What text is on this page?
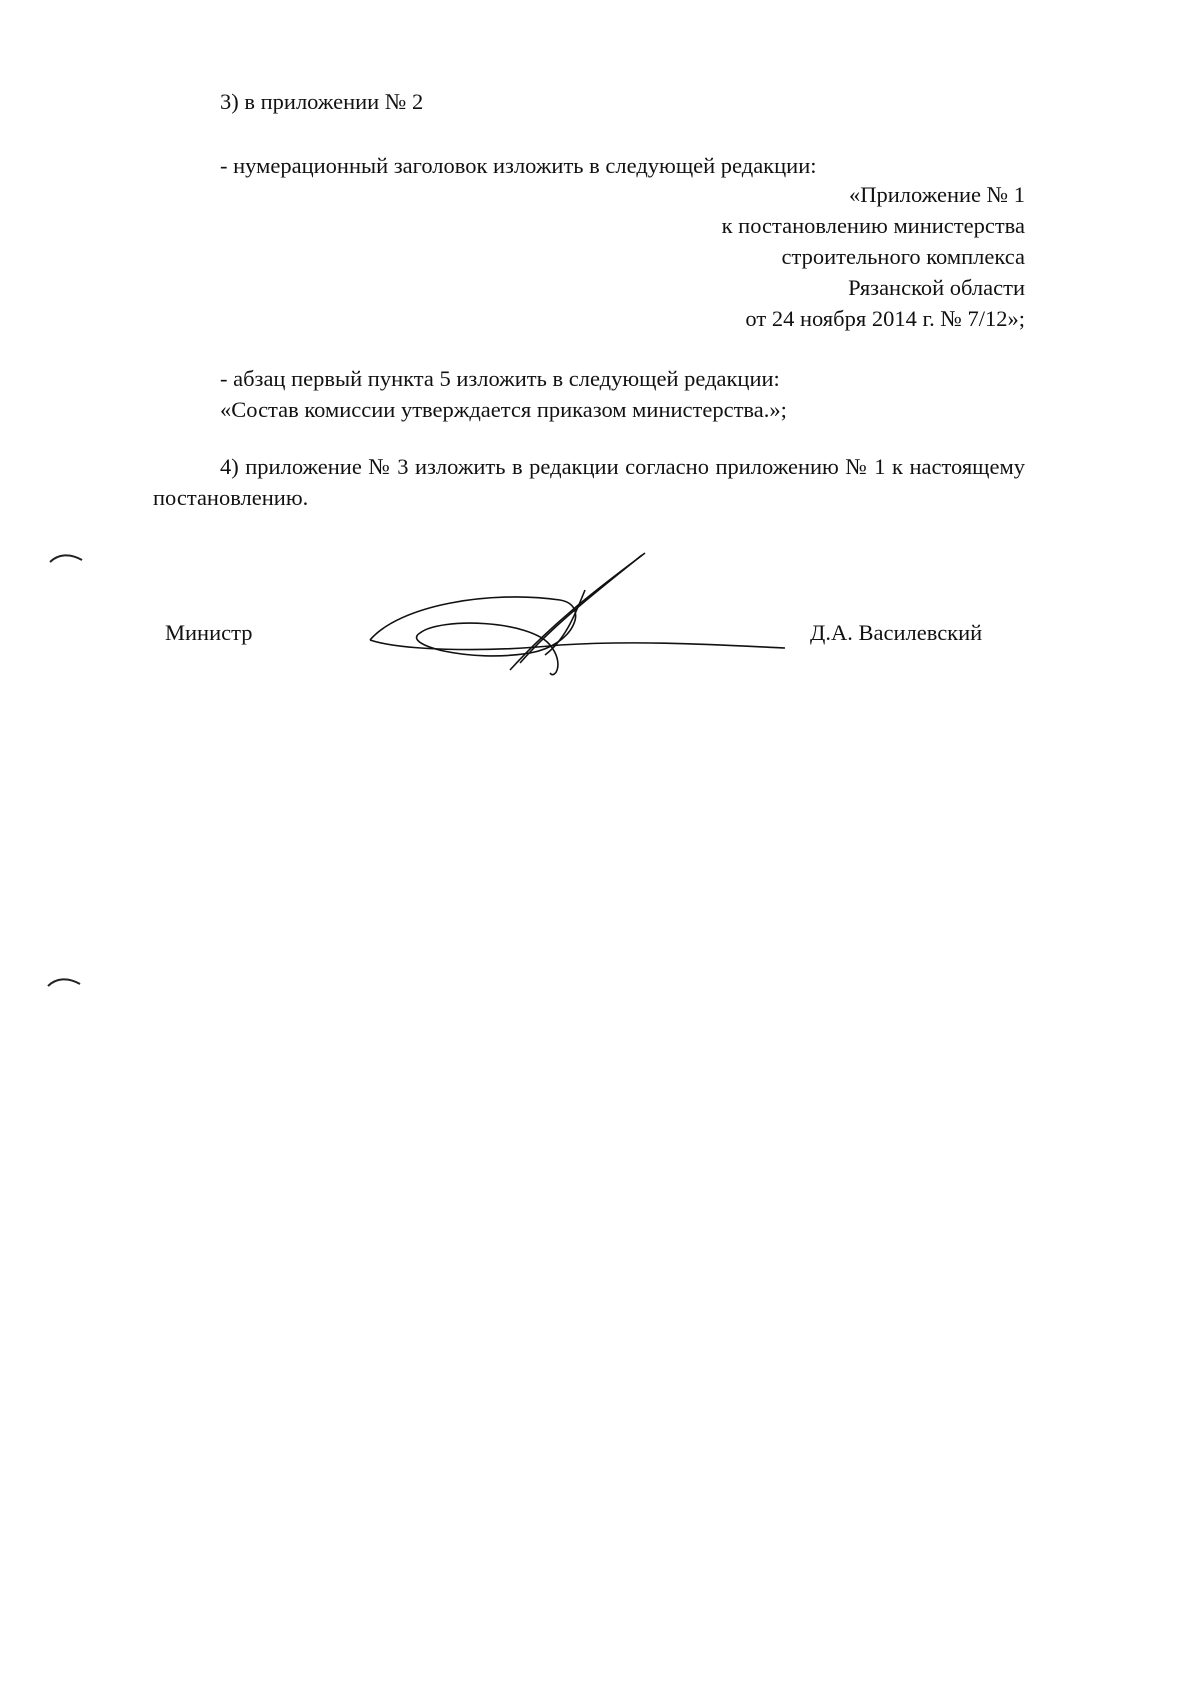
3) в приложении № 2
- нумерационный заголовок изложить в следующей редакции:
«Приложение № 1
к постановлению министерства
строительного комплекса
Рязанской области
от 24 ноября 2014 г. № 7/12»;
- абзац первый пункта 5 изложить в следующей редакции:
«Состав комиссии утверждается приказом министерства.»;
4) приложение № 3 изложить в редакции согласно приложению № 1 к настоящему постановлению.
Министр	Д.А. Василевский
